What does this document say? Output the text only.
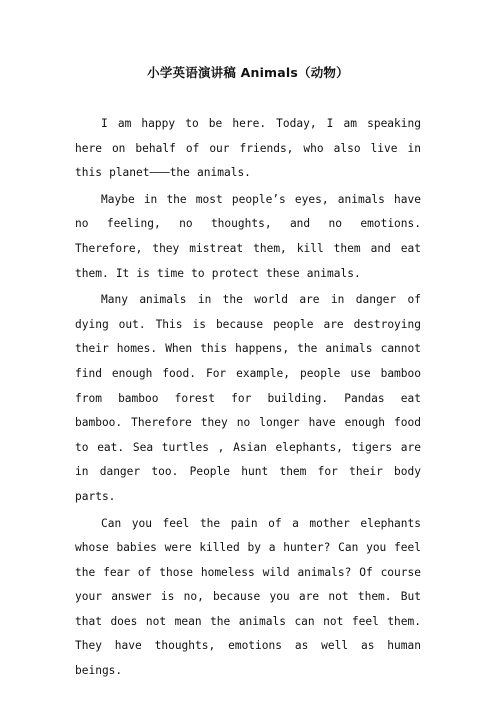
小学英语演讲稿 Animals（动物）

I am happy to be here. Today, I am speaking here on behalf of our friends, who also live in this planet———the animals.

Maybe in the most people’s eyes, animals have no feeling, no thoughts, and no emotions. Therefore, they mistreat them, kill them and eat them. It is time to protect these animals.

Many animals in the world are in danger of dying out. This is because people are destroying their homes. When this happens, the animals cannot find enough food. For example, people use bamboo from bamboo forest for building. Pandas eat bamboo. Therefore they no longer have enough food to eat. Sea turtles , Asian elephants, tigers are in danger too. People hunt them for their body parts.

Can you feel the pain of a mother elephants whose babies were killed by a hunter? Can you feel the fear of those homeless wild animals? Of course your answer is no, because you are not them. But that does not mean the animals can not feel them. They have thoughts, emotions as well as human beings.
